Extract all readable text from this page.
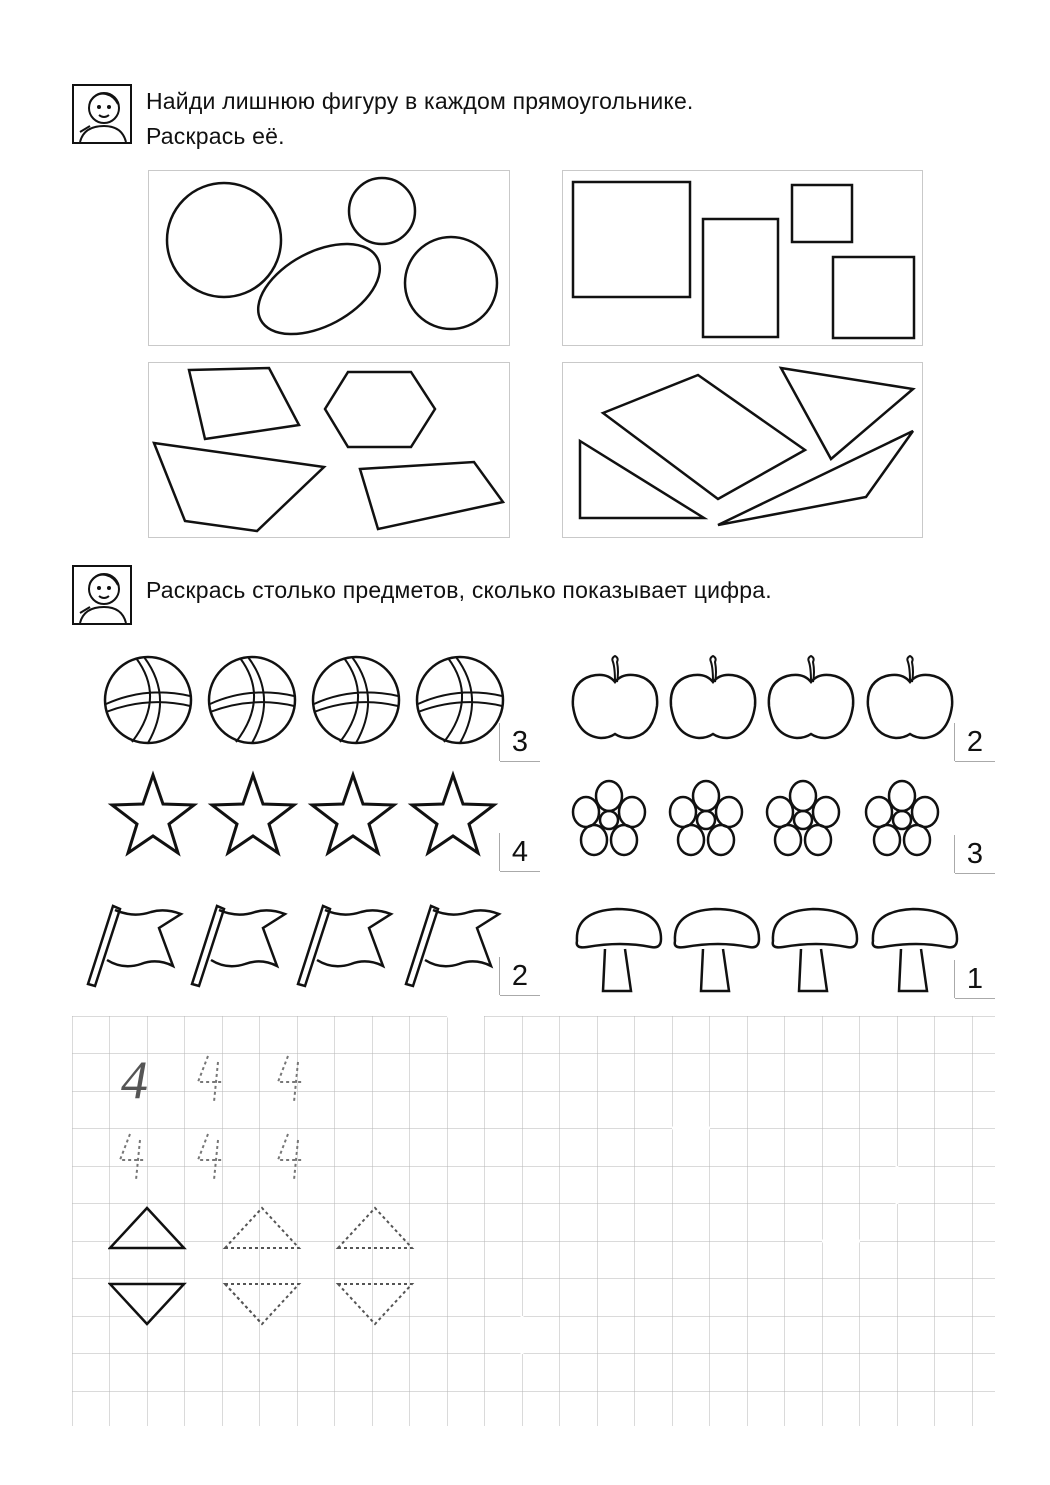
Найди лишнюю фигуру в каждом прямоугольнике.
Раскрась её.
Раскрась столько предметов, сколько показывает цифра.
3	2
4	3
2	1
4
